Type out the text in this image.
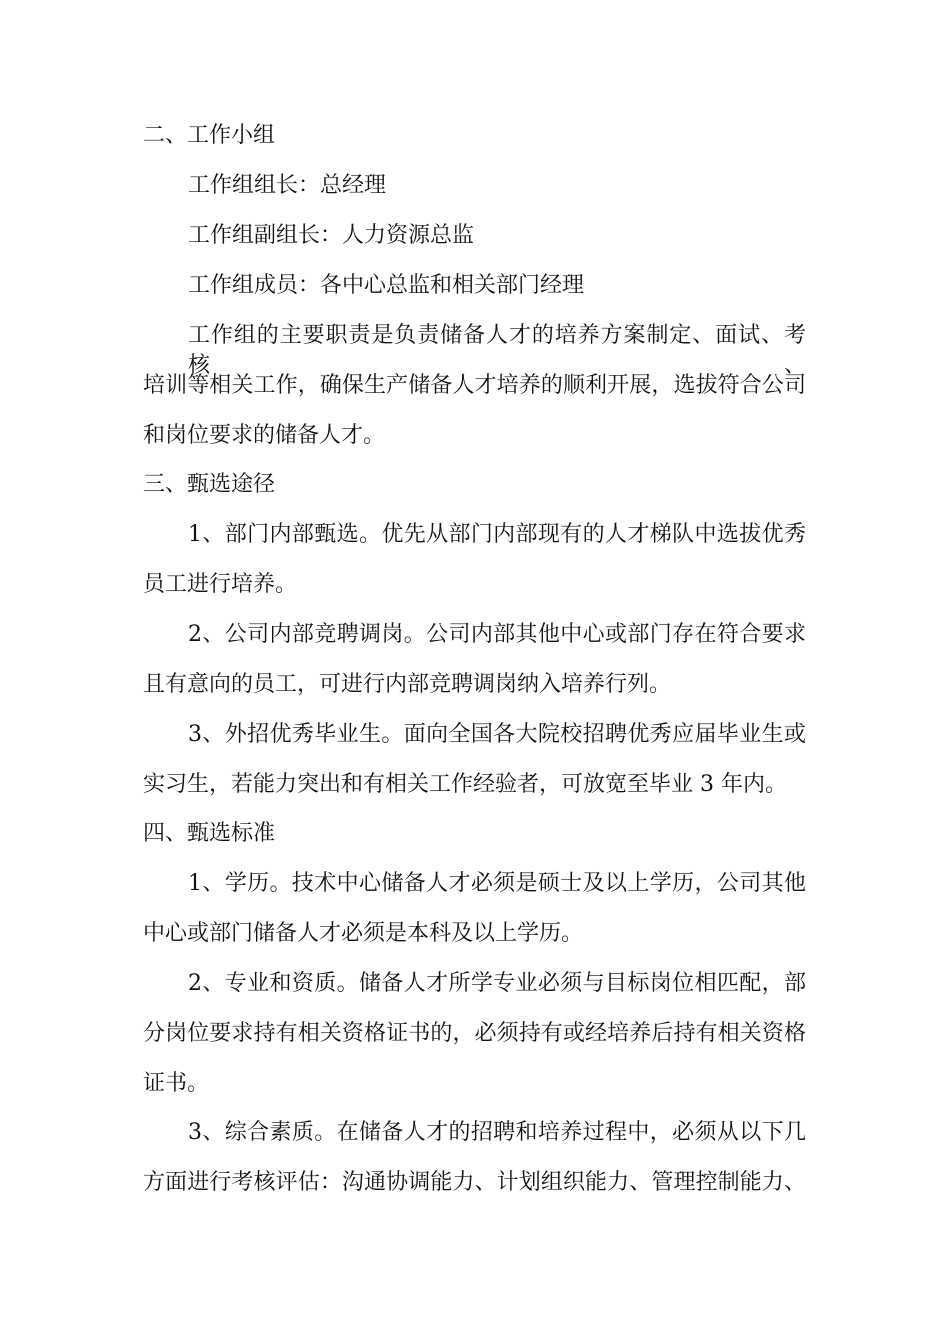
二、工作小组

工作组组长：总经理

工作组副组长：人力资源总监

工作组成员：各中心总监和相关部门经理

工作组的主要职责是负责储备人才的培养方案制定、面试、考核、

培训等相关工作，确保生产储备人才培养的顺利开展，选拔符合公司

和岗位要求的储备人才。

三、甄选途径

1、部门内部甄选。优先从部门内部现有的人才梯队中选拔优秀

员工进行培养。

2、公司内部竞聘调岗。公司内部其他中心或部门存在符合要求

且有意向的员工，可进行内部竞聘调岗纳入培养行列。

3、外招优秀毕业生。面向全国各大院校招聘优秀应届毕业生或

实习生，若能力突出和有相关工作经验者，可放宽至毕业 3 年内。

四、甄选标准

1、学历。技术中心储备人才必须是硕士及以上学历，公司其他

中心或部门储备人才必须是本科及以上学历。

2、专业和资质。储备人才所学专业必须与目标岗位相匹配，部

分岗位要求持有相关资格证书的，必须持有或经培养后持有相关资格

证书。

3、综合素质。在储备人才的招聘和培养过程中，必须从以下几

方面进行考核评估：沟通协调能力、计划组织能力、管理控制能力、
